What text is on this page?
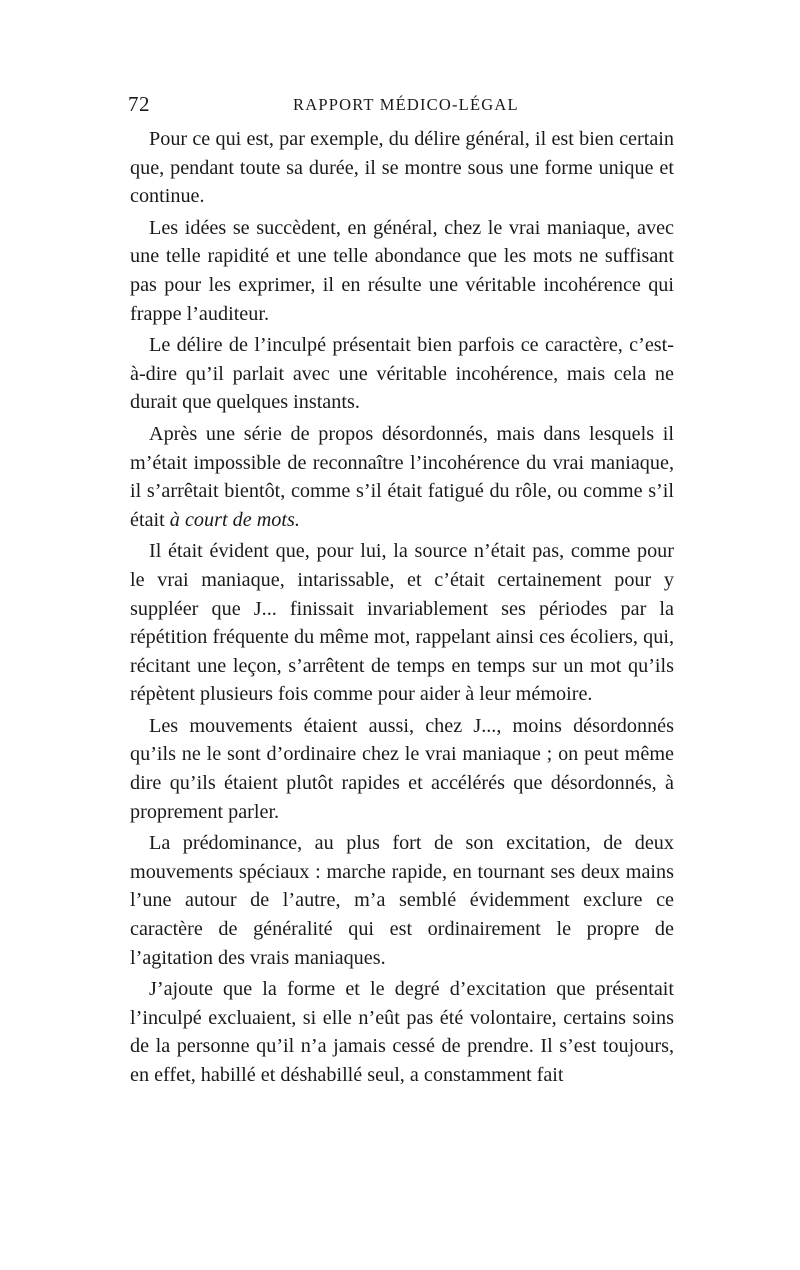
72	RAPPORT MÉDICO-LÉGAL

Pour ce qui est, par exemple, du délire général, il est bien certain que, pendant toute sa durée, il se montre sous une forme unique et continue.

Les idées se succèdent, en général, chez le vrai maniaque, avec une telle rapidité et une telle abondance que les mots ne suffisant pas pour les exprimer, il en résulte une véritable incohérence qui frappe l’auditeur.

Le délire de l’inculpé présentait bien parfois ce caractère, c’est-à-dire qu’il parlait avec une véritable incohérence, mais cela ne durait que quelques instants.

Après une série de propos désordonnés, mais dans lesquels il m’était impossible de reconnaître l’incohérence du vrai maniaque, il s’arrêtait bientôt, comme s’il était fatigué du rôle, ou comme s’il était à court de mots.

Il était évident que, pour lui, la source n’était pas, comme pour le vrai maniaque, intarissable, et c’était certainement pour y suppléer que J... finissait invariablement ses périodes par la répétition fréquente du même mot, rappelant ainsi ces écoliers, qui, récitant une leçon, s’arrêtent de temps en temps sur un mot qu’ils répètent plusieurs fois comme pour aider à leur mémoire.

Les mouvements étaient aussi, chez J..., moins désordonnés qu’ils ne le sont d’ordinaire chez le vrai maniaque ; on peut même dire qu’ils étaient plutôt rapides et accélérés que désordonnés, à proprement parler.

La prédominance, au plus fort de son excitation, de deux mouvements spéciaux : marche rapide, en tournant ses deux mains l’une autour de l’autre, m’a semblé évidemment exclure ce caractère de généralité qui est ordinairement le propre de l’agitation des vrais maniaques.

J’ajoute que la forme et le degré d’excitation que présentait l’inculpé excluaient, si elle n’eût pas été volontaire, certains soins de la personne qu’il n’a jamais cessé de prendre. Il s’est toujours, en effet, habillé et déshabillé seul, a constamment fait
